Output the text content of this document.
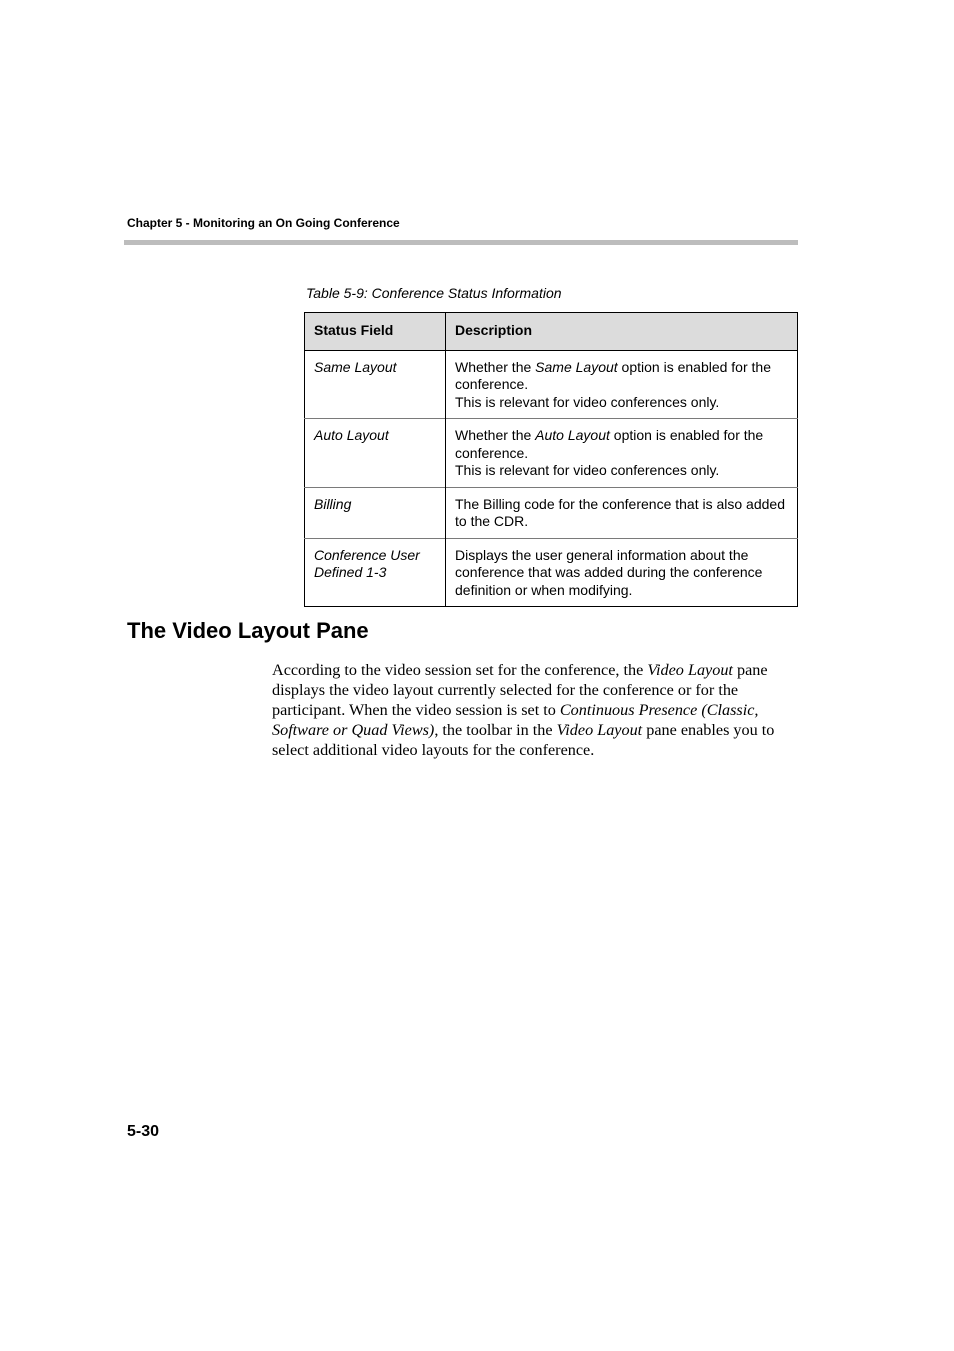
Chapter 5 - Monitoring an On Going Conference
Table 5-9: Conference Status Information
Status Field	Description
Same Layout	Whether the Same Layout option is enabled for the conference.
This is relevant for video conferences only.
Auto Layout	Whether the Auto Layout option is enabled for the conference.
This is relevant for video conferences only.
Billing	The Billing code for the conference that is also added to the CDR.
Conference User Defined 1-3	Displays the user general information about the conference that was added during the conference definition or when modifying.
The Video Layout Pane
According to the video session set for the conference, the Video Layout pane displays the video layout currently selected for the conference or for the participant. When the video session is set to Continuous Presence (Classic, Software or Quad Views), the toolbar in the Video Layout pane enables you to select additional video layouts for the conference.
5-30
